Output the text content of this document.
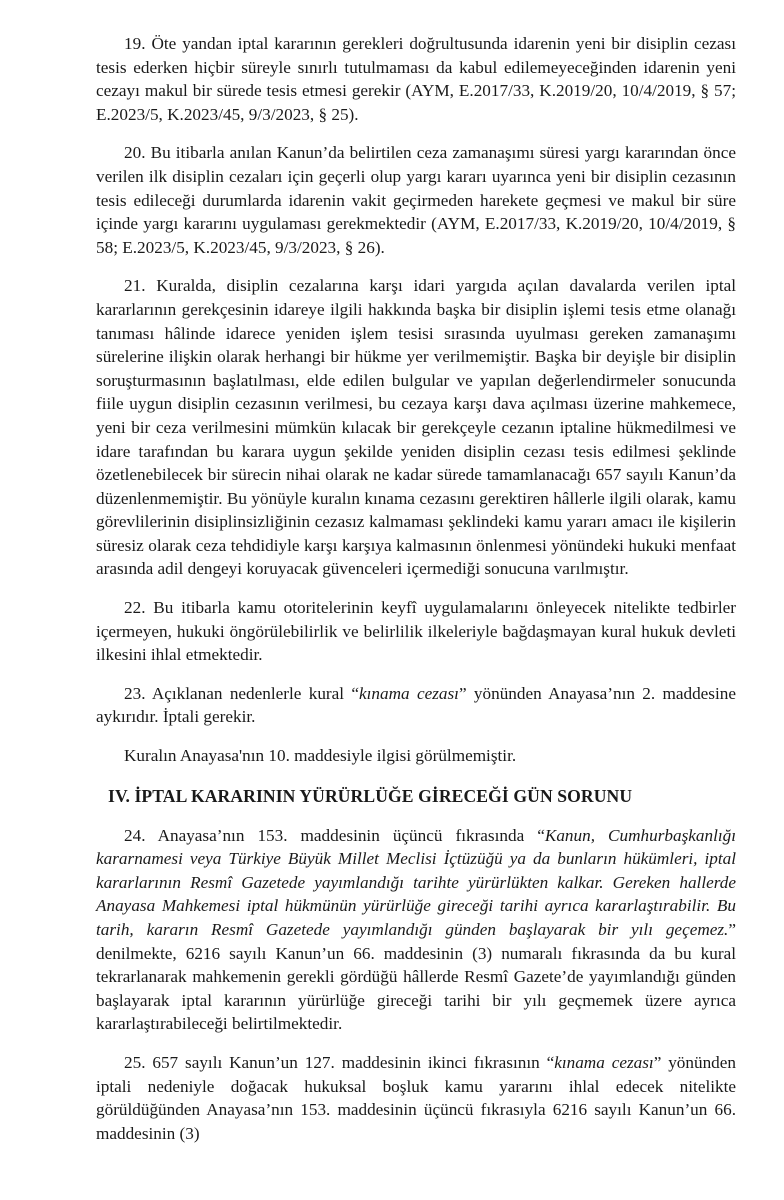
19. Öte yandan iptal kararının gerekleri doğrultusunda idarenin yeni bir disiplin cezası tesis ederken hiçbir süreyle sınırlı tutulmaması da kabul edilemeyeceğinden idarenin yeni cezayı makul bir sürede tesis etmesi gerekir (AYM, E.2017/33, K.2019/20, 10/4/2019, § 57; E.2023/5, K.2023/45, 9/3/2023, § 25).

20. Bu itibarla anılan Kanun’da belirtilen ceza zamanaşımı süresi yargı kararından önce verilen ilk disiplin cezaları için geçerli olup yargı kararı uyarınca yeni bir disiplin cezasının tesis edileceği durumlarda idarenin vakit geçirmeden harekete geçmesi ve makul bir süre içinde yargı kararını uygulaması gerekmektedir (AYM, E.2017/33, K.2019/20, 10/4/2019, § 58; E.2023/5, K.2023/45, 9/3/2023, § 26).

21. Kuralda, disiplin cezalarına karşı idari yargıda açılan davalarda verilen iptal kararlarının gerekçesinin idareye ilgili hakkında başka bir disiplin işlemi tesis etme olanağı tanıması hâlinde idarece yeniden işlem tesisi sırasında uyulması gereken zamanaşımı sürelerine ilişkin olarak herhangi bir hükme yer verilmemiştir. Başka bir deyişle bir disiplin soruşturmasının başlatılması, elde edilen bulgular ve yapılan değerlendirmeler sonucunda fiile uygun disiplin cezasının verilmesi, bu cezaya karşı dava açılması üzerine mahkemece, yeni bir ceza verilmesini mümkün kılacak bir gerekçeyle cezanın iptaline hükmedilmesi ve idare tarafından bu karara uygun şekilde yeniden disiplin cezası tesis edilmesi şeklinde özetlenebilecek bir sürecin nihai olarak ne kadar sürede tamamlanacağı 657 sayılı Kanun’da düzenlenmemiştir. Bu yönüyle kuralın kınama cezasını gerektiren hâllerle ilgili olarak, kamu görevlilerinin disiplinsizliğinin cezasız kalmaması şeklindeki kamu yararı amacı ile kişilerin süresiz olarak ceza tehdidiyle karşı karşıya kalmasının önlenmesi yönündeki hukuki menfaat arasında adil dengeyi koruyacak güvenceleri içermediği sonucuna varılmıştır.

22. Bu itibarla kamu otoritelerinin keyfî uygulamalarını önleyecek nitelikte tedbirler içermeyen, hukuki öngörülebilirlik ve belirlilik ilkeleriyle bağdaşmayan kural hukuk devleti ilkesini ihlal etmektedir.

23. Açıklanan nedenlerle kural “kınama cezası” yönünden Anayasa’nın 2. maddesine aykırıdır. İptali gerekir.

Kuralın Anayasa'nın 10. maddesiyle ilgisi görülmemiştir.

IV. İPTAL KARARININ YÜRÜRLÜĞE GİRECEĞİ GÜN SORUNU

24. Anayasa’nın 153. maddesinin üçüncü fıkrasında “Kanun, Cumhurbaşkanlığı kararnamesi veya Türkiye Büyük Millet Meclisi İçtüzüğü ya da bunların hükümleri, iptal kararlarının Resmî Gazetede yayımlandığı tarihte yürürlükten kalkar. Gereken hallerde Anayasa Mahkemesi iptal hükmünün yürürlüğe gireceği tarihi ayrıca kararlaştırabilir. Bu tarih, kararın Resmî Gazetede yayımlandığı günden başlayarak bir yılı geçemez.” denilmekte, 6216 sayılı Kanun’un 66. maddesinin (3) numaralı fıkrasında da bu kural tekrarlanarak mahkemenin gerekli gördüğü hâllerde Resmî Gazete’de yayımlandığı günden başlayarak iptal kararının yürürlüğe gireceği tarihi bir yılı geçmemek üzere ayrıca kararlaştırabileceği belirtilmektedir.

25. 657 sayılı Kanun’un 127. maddesinin ikinci fıkrasının “kınama cezası” yönünden iptali nedeniyle doğacak hukuksal boşluk kamu yararını ihlal edecek nitelikte görüldüğünden Anayasa’nın 153. maddesinin üçüncü fıkrasıyla 6216 sayılı Kanun’un 66. maddesinin (3)
